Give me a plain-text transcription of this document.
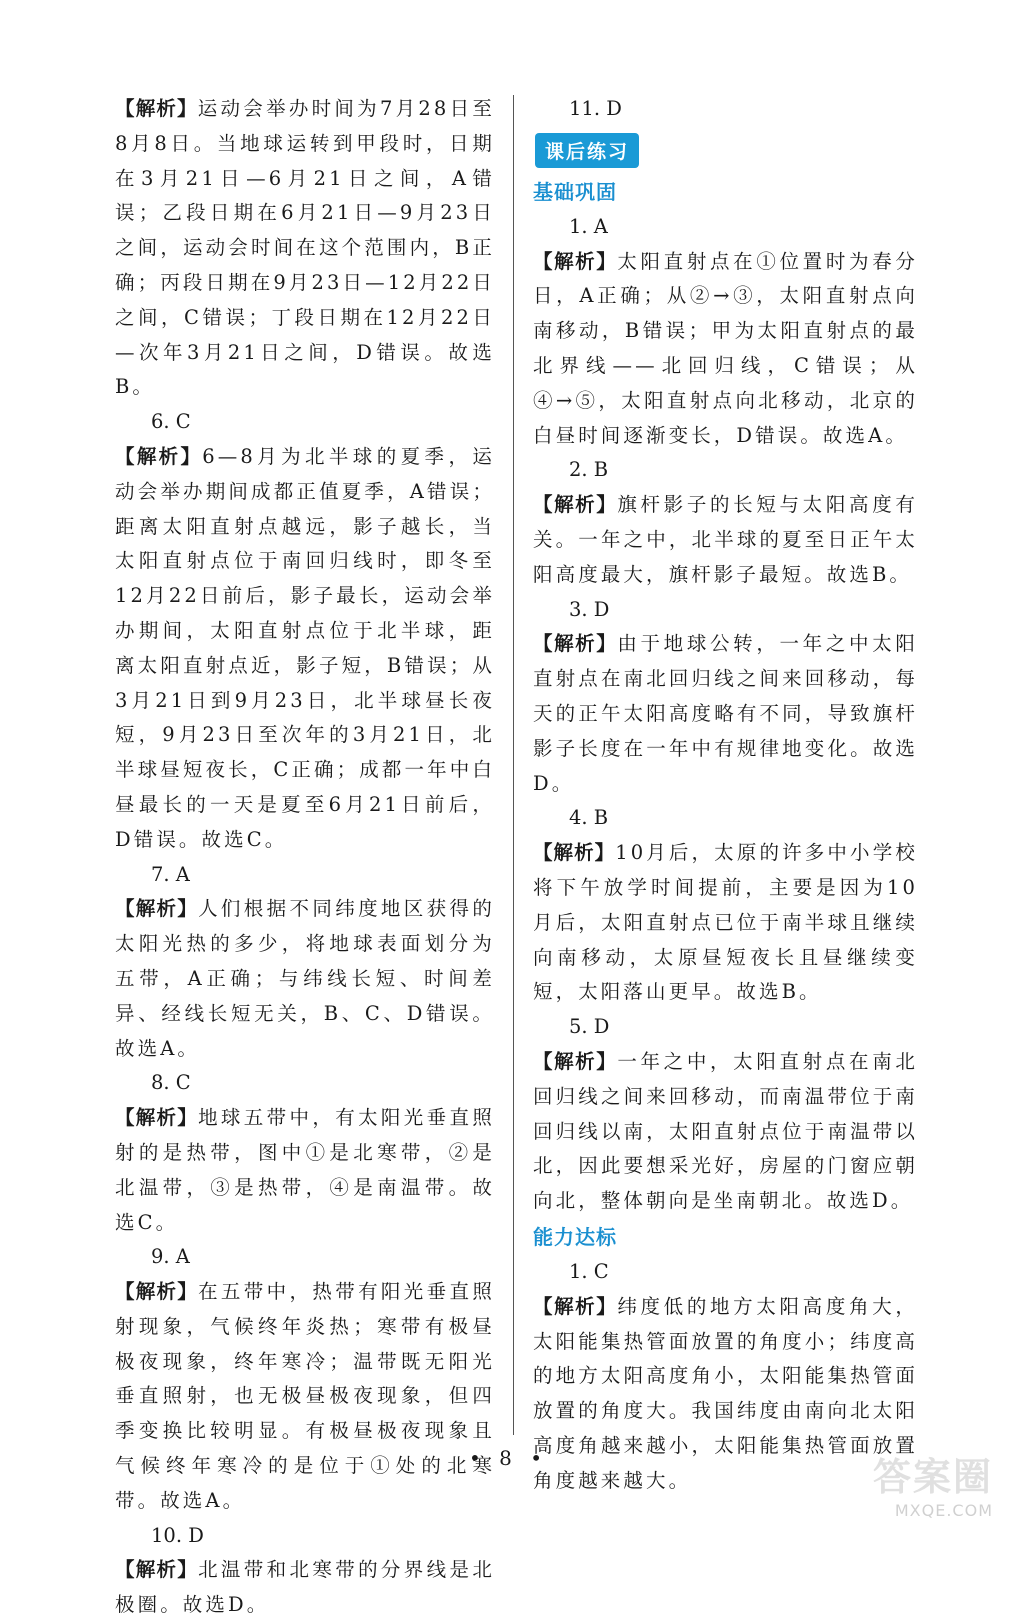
【 解析 】 运动会举办时间为7月28日至8月8日。当地球运转到甲段时，日期在3月21日—6月21日之间，A错误；乙段日期在6月21日—9月23日之间，运动会时间在这个范围内，B正确；丙段日期在9月23日—12月22日之间，C错误；丁段日期在12月22日—次年3月21日之间，D错误。故选B。

6. C

【 解析 】 6—8月为北半球的夏季，运动会举办期间成都正值夏季，A错误；距离太阳直射点越远，影子越长，当太阳直射点位于南回归线时，即冬至12月22日前后，影子最长，运动会举办期间，太阳直射点位于北半球，距离太阳直射点近，影子短，B错误；从3月21日到9月23日，北半球昼长夜短，9月23日至次年的3月21日，北半球昼短夜长，C正确；成都一年中白昼最长的一天是夏至6月21日前后，D错误。故选C。

7. A

【 解析 】 人们根据不同纬度地区获得的太阳光热的多少，将地球表面划分为五带，A正确；与纬线长短、时间差异、经线长短无关，B、C、D错误。故选A。

8. C

【 解析 】 地球五带中，有太阳光垂直照射的是热带，图中①是北寒带，②是北温带，③是热带，④是南温带。故选C。

9. A

【 解析 】 在五带中，热带有阳光垂直照射现象，气候终年炎热；寒带有极昼极夜现象，终年寒冷；温带既无阳光垂直照射，也无极昼极夜现象，但四季变换比较明显。有极昼极夜现象且气候终年寒冷的是位于①处的北寒带。故选A。

10. D

【 解析 】 北温带和北寒带的分界线是北极圈。故选D。

11. D

课后练习

基础巩固

1. A

【 解析 】 太阳直射点在①位置时为春分日，A正确；从②→③，太阳直射点向南移动，B错误；甲为太阳直射点的最北界线——北回归线，C错误；从④→⑤，太阳直射点向北移动，北京的白昼时间逐渐变长，D错误。故选A。

2. B

【 解析 】 旗杆影子的长短与太阳高度有关。一年之中，北半球的夏至日正午太阳高度最大，旗杆影子最短。故选B。

3. D

【 解析 】 由于地球公转，一年之中太阳直射点在南北回归线之间来回移动，每天的正午太阳高度略有不同，导致旗杆影子长度在一年中有规律地变化。故选D。

4. B

【 解析 】 10月后，太原的许多中小学校将下午放学时间提前，主要是因为10月后，太阳直射点已位于南半球且继续向南移动，太原昼短夜长且昼继续变短，太阳落山更早。故选B。

5. D

【 解析 】 一年之中，太阳直射点在南北回归线之间来回移动，而南温带位于南回归线以南，太阳直射点位于南温带以北，因此要想采光好，房屋的门窗应朝向北，整体朝向是坐南朝北。故选D。

能力达标

1. C

【 解析 】 纬度低的地方太阳高度角大，太阳能集热管面放置的角度小；纬度高的地方太阳高度角小，太阳能集热管面放置的角度大。我国纬度由南向北太阳高度角越来越小，太阳能集热管面放置角度越来越大。

• 8 •	答案圈
MXQE.COM
